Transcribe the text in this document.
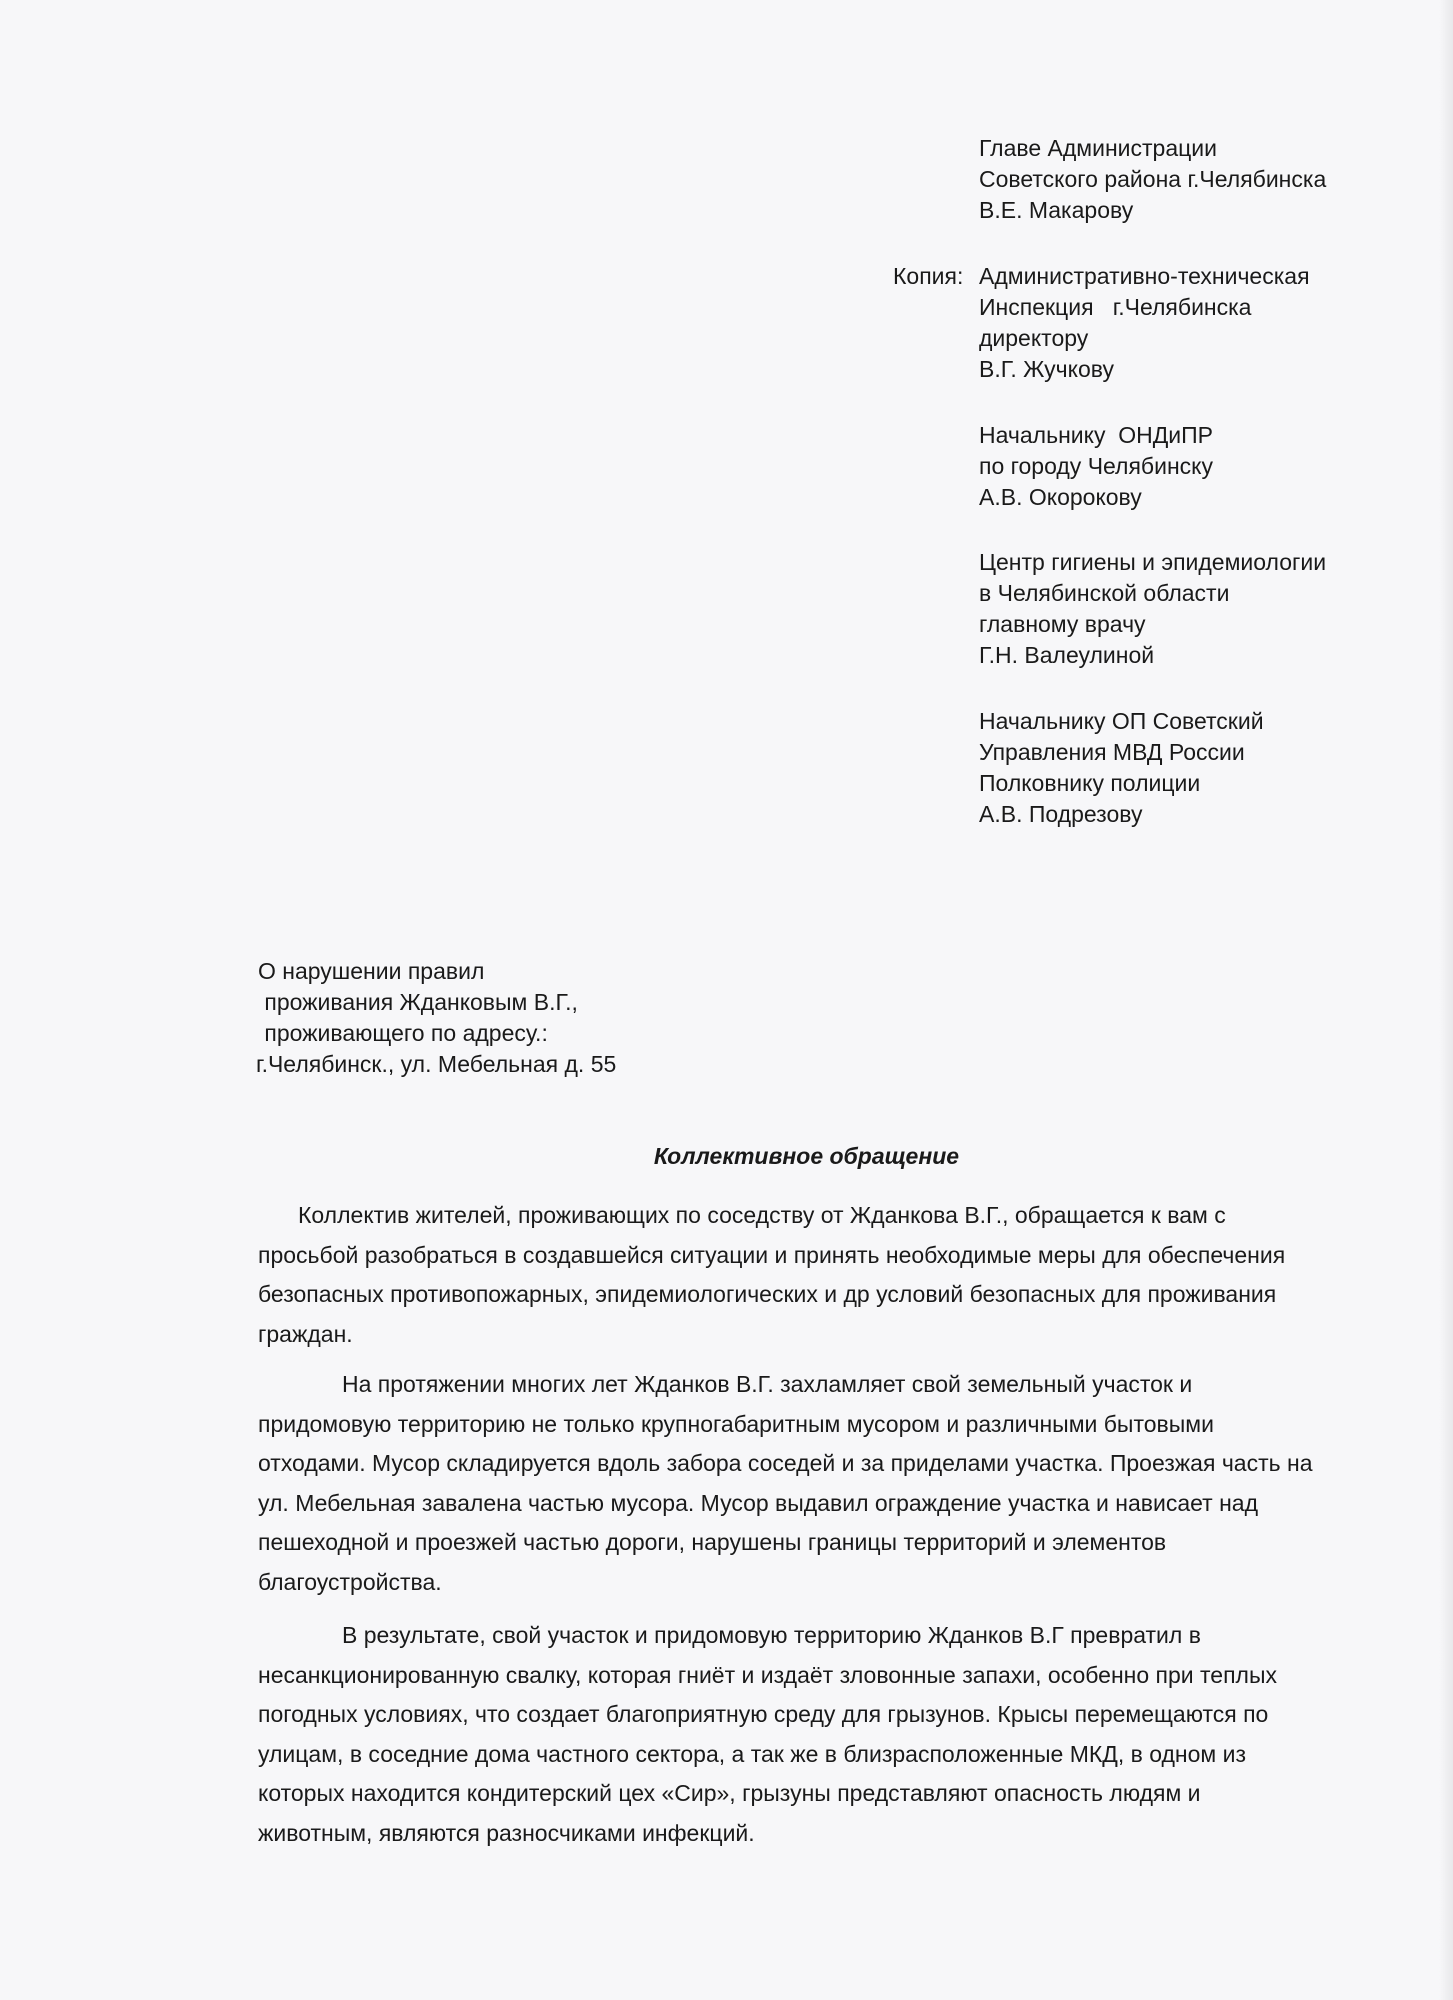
Главе Администрации
Советского района г.Челябинска
В.Е. Макарову
Копия: Административно-техническая
Инспекция   г.Челябинска
директору
В.Г. Жучкову
Начальнику  ОНДиПР
по городу Челябинску
А.В. Окорокову
Центр гигиены и эпидемиологии
в Челябинской области
главному врачу
Г.Н. Валеулиной
Начальнику ОП Советский
Управления МВД России
Полковнику полиции
А.В. Подрезову
О нарушении правил
проживания Жданковым В.Г.,
проживающего по адресу.:
г.Челябинск., ул. Мебельная д. 55
Коллективное обращение
Коллектив жителей, проживающих по соседству от Жданкова В.Г., обращается к вам с
просьбой разобраться в создавшейся ситуации и принять необходимые меры для обеспечения
безопасных противопожарных, эпидемиологических и др условий безопасных для проживания
граждан.
На протяжении многих лет Жданков В.Г. захламляет свой земельный участок и
придомовую территорию не только крупногабаритным мусором и различными бытовыми
отходами. Мусор складируется вдоль забора соседей и за приделами участка. Проезжая часть на
ул. Мебельная завалена частью мусора. Мусор выдавил ограждение участка и нависает над
пешеходной и проезжей частью дороги, нарушены границы территорий и элементов
благоустройства.
В результате, свой участок и придомовую территорию Жданков В.Г превратил в
несанкционированную свалку, которая гниёт и издаёт зловонные запахи, особенно при теплых
погодных условиях, что создает благоприятную среду для грызунов. Крысы перемещаются по
улицам, в соседние дома частного сектора, а так же в близрасположенные МКД, в одном из
которых находится кондитерский цех «Сир», грызуны представляют опасность людям и
животным, являются разносчиками инфекций.
